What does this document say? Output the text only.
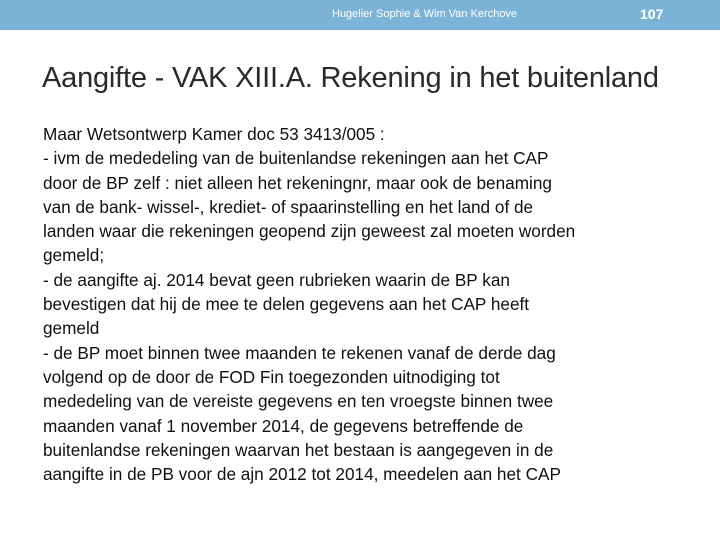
Hugelier Sophie & Wim Van Kerchove	107
Aangifte - VAK XIII.A. Rekening in het buitenland
Maar Wetsontwerp Kamer doc 53 3413/005 :
- ivm de mededeling van de buitenlandse rekeningen aan het CAP
door de BP zelf : niet alleen het rekeningnr, maar ook de benaming
van de bank- wissel-, krediet- of spaarinstelling en het land of de
landen waar die rekeningen geopend zijn geweest zal moeten worden
gemeld;
- de aangifte aj. 2014 bevat geen rubrieken waarin de BP kan
bevestigen dat hij de mee te delen gegevens aan het CAP heeft
gemeld
- de BP moet binnen twee maanden te rekenen vanaf de derde dag
volgend op de door de FOD Fin toegezonden uitnodiging tot
mededeling van de vereiste gegevens en ten vroegste binnen twee
maanden vanaf 1 november 2014, de gegevens betreffende de
buitenlandse rekeningen waarvan het bestaan is aangegeven in de
aangifte in de PB voor de ajn 2012 tot 2014, meedelen aan het CAP
